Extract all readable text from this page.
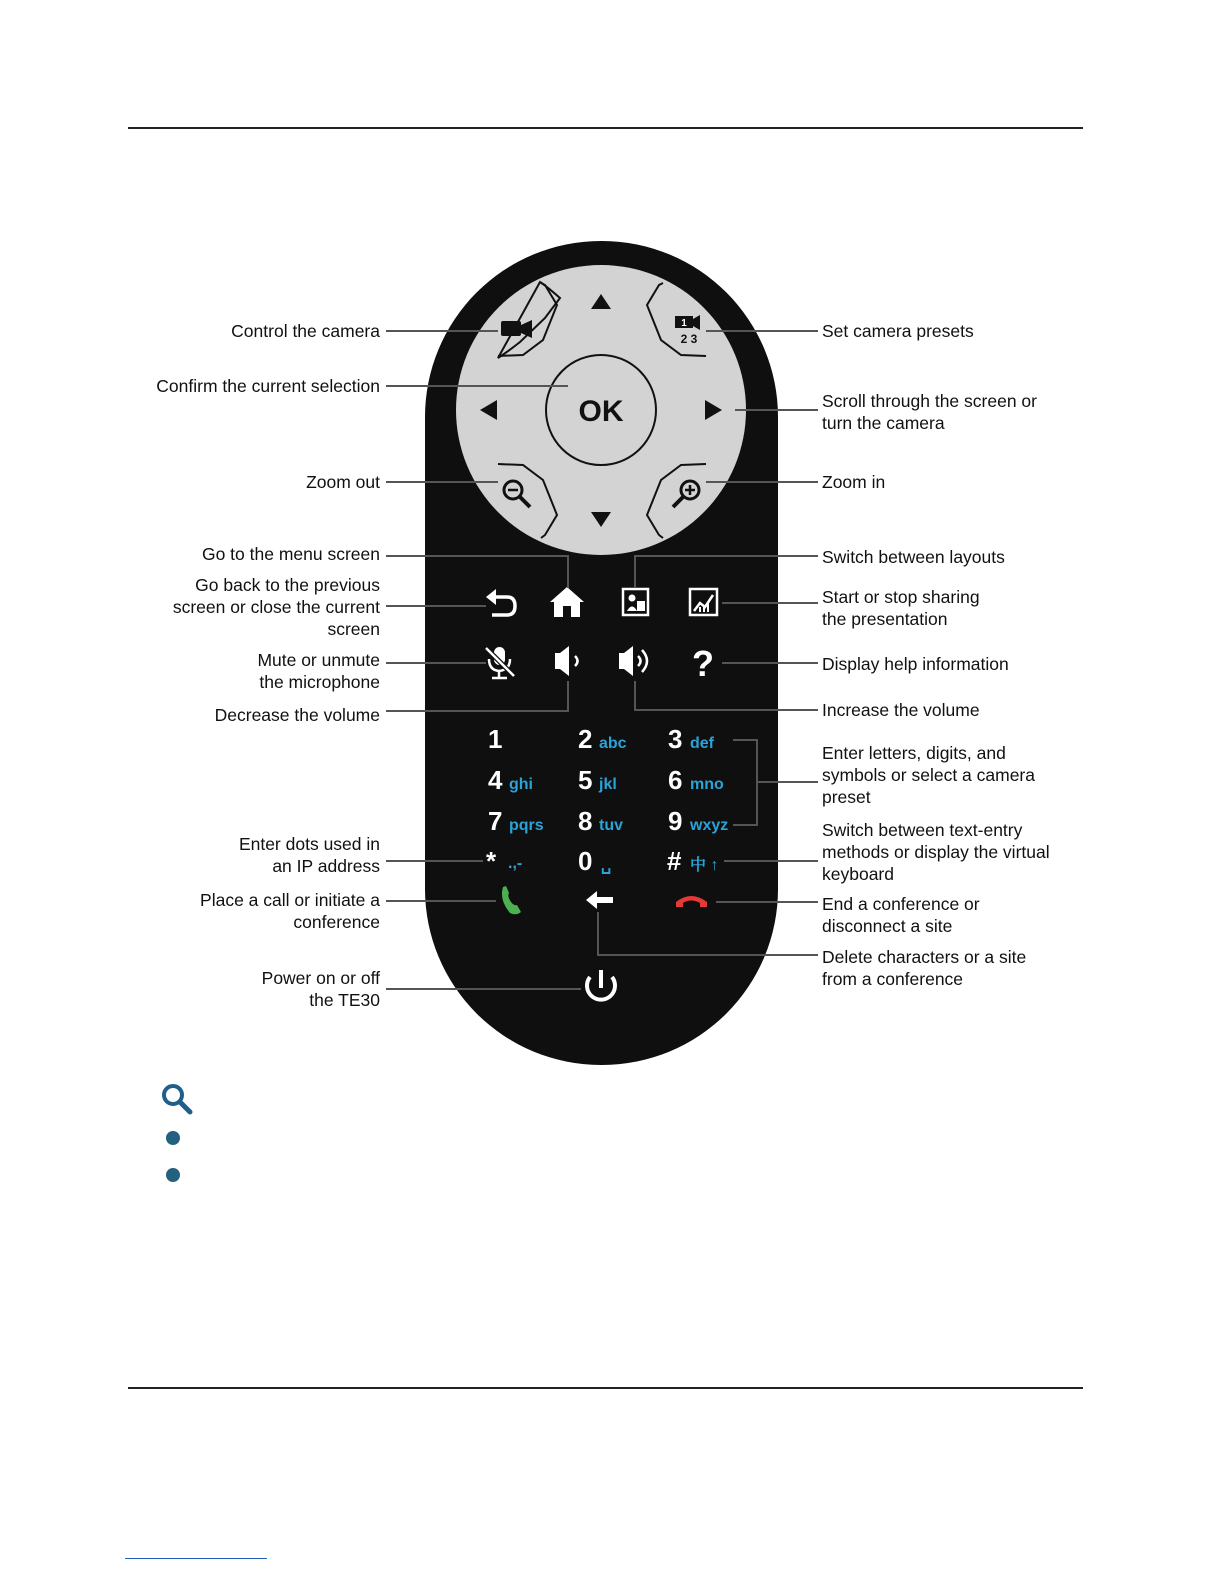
OK
1
2 3
?
1	2 abc 3 def
4 ghi 5 jkl 6 mno
7 pqrs 8 tuv 9 wxyz
* .,- 0 ␣ # 中 ↑
Control the camera
Confirm the current selection
Zoom out
Go to the menu screen
Go back to the previous
screen or close the current
screen
Mute or unmute
the microphone
Decrease the volume
Enter dots used in
an IP address
Place a call or initiate a
conference
Power on or off
the TE30
Set camera presets
Scroll through the screen or
turn the camera
Zoom in
Switch between layouts
Start or stop sharing
the presentation
Display help information
Increase the volume
Enter letters, digits, and
symbols or select a camera
preset
Switch between text-entry
methods or display the virtual
keyboard
End a conference or
disconnect a site
Delete characters or a site
from a conference
